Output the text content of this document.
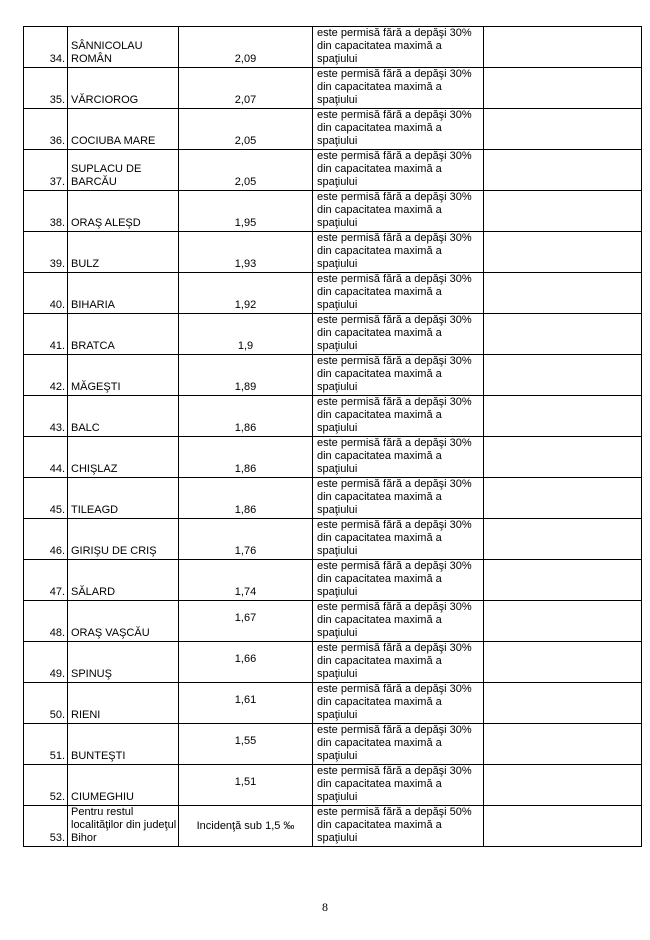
34.	SÂNNICOLAU ROMÂN	2,09	este permisă fără a depăşi 30% din capacitatea maximă a spaţiului	
35.	VĂRCIOROG	2,07	este permisă fără a depăşi 30% din capacitatea maximă a spaţiului	
36.	COCIUBA MARE	2,05	este permisă fără a depăşi 30% din capacitatea maximă a spaţiului	
37.	SUPLACU DE BARCĂU	2,05	este permisă fără a depăşi 30% din capacitatea maximă a spaţiului	
38.	ORAŞ ALEŞD	1,95	este permisă fără a depăşi 30% din capacitatea maximă a spaţiului	
39.	BULZ	1,93	este permisă fără a depăşi 30% din capacitatea maximă a spaţiului	
40.	BIHARIA	1,92	este permisă fără a depăşi 30% din capacitatea maximă a spaţiului	
41.	BRATCA	1,9	este permisă fără a depăşi 30% din capacitatea maximă a spaţiului	
42.	MĂGEŞTI	1,89	este permisă fără a depăşi 30% din capacitatea maximă a spaţiului	
43.	BALC	1,86	este permisă fără a depăşi 30% din capacitatea maximă a spaţiului	
44.	CHIŞLAZ	1,86	este permisă fără a depăşi 30% din capacitatea maximă a spaţiului	
45.	TILEAGD	1,86	este permisă fără a depăşi 30% din capacitatea maximă a spaţiului	
46.	GIRIŞU DE CRIŞ	1,76	este permisă fără a depăşi 30% din capacitatea maximă a spaţiului	
47.	SĂLARD	1,74	este permisă fără a depăşi 30% din capacitatea maximă a spaţiului	
48.	ORAŞ VAŞCĂU	1,67	este permisă fără a depăşi 30% din capacitatea maximă a spaţiului	
49.	SPINUŞ	1,66	este permisă fără a depăşi 30% din capacitatea maximă a spaţiului	
50.	RIENI	1,61	este permisă fără a depăşi 30% din capacitatea maximă a spaţiului	
51.	BUNTEŞTI	1,55	este permisă fără a depăşi 30% din capacitatea maximă a spaţiului	
52.	CIUMEGHIU	1,51	este permisă fără a depăşi 30% din capacitatea maximă a spaţiului	
53.	Pentru restul localităţilor din judeţul Bihor	Incidenţă sub 1,5 ‰	este permisă fără a depăşi 50% din capacitatea maximă a spaţiului	
8
